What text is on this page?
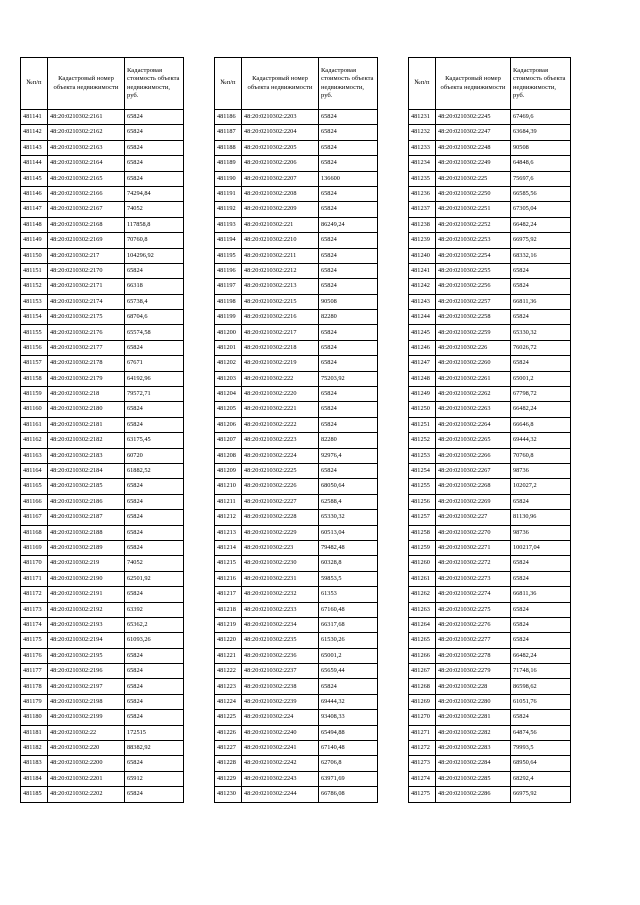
№п/п	Кадастровый номер объекта недвижимости	Кадастровая стоимость объекта недвижимости, руб.
481141	48:20:0210302:2161	65824
481142	48:20:0210302:2162	65824
481143	48:20:0210302:2163	65824
481144	48:20:0210302:2164	65824
481145	48:20:0210302:2165	65824
481146	48:20:0210302:2166	74294,84
481147	48:20:0210302:2167	74052
481148	48:20:0210302:2168	117858,8
481149	48:20:0210302:2169	70760,8
481150	48:20:0210302:217	104296,92
481151	48:20:0210302:2170	65824
481152	48:20:0210302:2171	66318
481153	48:20:0210302:2174	65738,4
481154	48:20:0210302:2175	68704,6
481155	48:20:0210302:2176	65574,58
481156	48:20:0210302:2177	65824
481157	48:20:0210302:2178	67671
481158	48:20:0210302:2179	64192,96
481159	48:20:0210302:218	79572,71
481160	48:20:0210302:2180	65824
481161	48:20:0210302:2181	65824
481162	48:20:0210302:2182	63175,45
481163	48:20:0210302:2183	60720
481164	48:20:0210302:2184	61882,52
481165	48:20:0210302:2185	65824
481166	48:20:0210302:2186	65824
481167	48:20:0210302:2187	65824
481168	48:20:0210302:2188	65824
481169	48:20:0210302:2189	65824
481170	48:20:0210302:219	74052
481171	48:20:0210302:2190	62501,92
481172	48:20:0210302:2191	65824
481173	48:20:0210302:2192	63392
481174	48:20:0210302:2193	65362,2
481175	48:20:0210302:2194	61093,26
481176	48:20:0210302:2195	65824
481177	48:20:0210302:2196	65824
481178	48:20:0210302:2197	65824
481179	48:20:0210302:2198	65824
481180	48:20:0210302:2199	65824
481181	48:20:0210302:22	172515
481182	48:20:0210302:220	88382,92
481183	48:20:0210302:2200	65824
481184	48:20:0210302:2201	65912
481185	48:20:0210302:2202	65824
№п/п	Кадастровый номер объекта недвижимости	Кадастровая стоимость объекта недвижимости, руб.
481186	48:20:0210302:2203	65824
481187	48:20:0210302:2204	65824
481188	48:20:0210302:2205	65824
481189	48:20:0210302:2206	65824
481190	48:20:0210302:2207	136600
481191	48:20:0210302:2208	65824
481192	48:20:0210302:2209	65824
481193	48:20:0210302:221	86249,24
481194	48:20:0210302:2210	65824
481195	48:20:0210302:2211	65824
481196	48:20:0210302:2212	65824
481197	48:20:0210302:2213	65824
481198	48:20:0210302:2215	90508
481199	48:20:0210302:2216	82280
481200	48:20:0210302:2217	65824
481201	48:20:0210302:2218	65824
481202	48:20:0210302:2219	65824
481203	48:20:0210302:222	75203,92
481204	48:20:0210302:2220	65824
481205	48:20:0210302:2221	65824
481206	48:20:0210302:2222	65824
481207	48:20:0210302:2223	82280
481208	48:20:0210302:2224	92976,4
481209	48:20:0210302:2225	65824
481210	48:20:0210302:2226	68050,64
481211	48:20:0210302:2227	62588,4
481212	48:20:0210302:2228	65330,32
481213	48:20:0210302:2229	60513,04
481214	48:20:0210302:223	79482,48
481215	48:20:0210302:2230	60328,8
481216	48:20:0210302:2231	59853,5
481217	48:20:0210302:2232	61353
481218	48:20:0210302:2233	67160,48
481219	48:20:0210302:2234	66317,68
481220	48:20:0210302:2235	61530,26
481221	48:20:0210302:2236	65001,2
481222	48:20:0210302:2237	65659,44
481223	48:20:0210302:2238	65824
481224	48:20:0210302:2239	69444,32
481225	48:20:0210302:224	93408,33
481226	48:20:0210302:2240	65494,88
481227	48:20:0210302:2241	67140,48
481228	48:20:0210302:2242	62706,8
481229	48:20:0210302:2243	63971,69
481230	48:20:0210302:2244	66786,08
№п/п	Кадастровый номер объекта недвижимости	Кадастровая стоимость объекта недвижимости, руб.
481231	48:20:0210302:2245	67469,6
481232	48:20:0210302:2247	63684,39
481233	48:20:0210302:2248	90508
481234	48:20:0210302:2249	64848,6
481235	48:20:0210302:225	75697,6
481236	48:20:0210302:2250	66585,56
481237	48:20:0210302:2251	67305,04
481238	48:20:0210302:2252	66482,24
481239	48:20:0210302:2253	66975,92
481240	48:20:0210302:2254	68332,16
481241	48:20:0210302:2255	65824
481242	48:20:0210302:2256	65824
481243	48:20:0210302:2257	66811,36
481244	48:20:0210302:2258	65824
481245	48:20:0210302:2259	65330,32
481246	48:20:0210302:226	76026,72
481247	48:20:0210302:2260	65824
481248	48:20:0210302:2261	65001,2
481249	48:20:0210302:2262	67798,72
481250	48:20:0210302:2263	66482,24
481251	48:20:0210302:2264	66646,8
481252	48:20:0210302:2265	69444,32
481253	48:20:0210302:2266	70760,8
481254	48:20:0210302:2267	98736
481255	48:20:0210302:2268	102027,2
481256	48:20:0210302:2269	65824
481257	48:20:0210302:227	81130,96
481258	48:20:0210302:2270	98736
481259	48:20:0210302:2271	100217,04
481260	48:20:0210302:2272	65824
481261	48:20:0210302:2273	65824
481262	48:20:0210302:2274	66811,36
481263	48:20:0210302:2275	65824
481264	48:20:0210302:2276	65824
481265	48:20:0210302:2277	65824
481266	48:20:0210302:2278	66482,24
481267	48:20:0210302:2279	71748,16
481268	48:20:0210302:228	86598,62
481269	48:20:0210302:2280	61051,76
481270	48:20:0210302:2281	65824
481271	48:20:0210302:2282	64874,56
481272	48:20:0210302:2283	79993,5
481273	48:20:0210302:2284	68950,64
481274	48:20:0210302:2285	68292,4
481275	48:20:0210302:2286	66975,92
